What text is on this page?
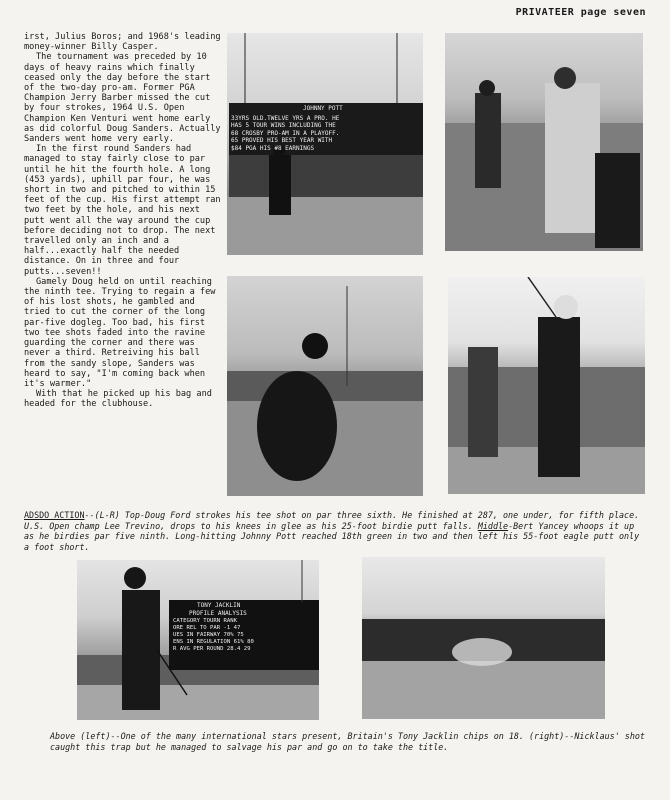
PRIVATEER page seven

irst, Julius Boros; and 1968's leading money-winner Billy Casper.

The tournament was preceded by 10 days of heavy rains which finally ceased only the day before the start of the two-day pro-am. Former PGA Champion Jerry Barber missed the cut by four strokes, 1964 U.S. Open Champion Ken Venturi went home early as did colorful Doug Sanders. Actually Sanders went home very early.

In the first round Sanders had managed to stay fairly close to par until he hit the fourth hole. A long (453 yards), uphill par four, he was short in two and pitched to within 15 feet of the cup. His first attempt ran two feet by the hole, and his next putt went all the way around the cup before deciding not to drop. The next travelled only an inch and a half...exactly half the needed distance. On in three and four putts...seven!!

Gamely Doug held on until reaching the ninth tee. Trying to regain a few of his lost shots, he gambled and tried to cut the corner of the long par-five dogleg. Too bad, his first two tee shots faded into the ravine guarding the corner and there was never a third. Retreiving his ball from the sandy slope, Sanders was heard to say, "I'm coming back when it's warmer."

With that he picked up his bag and headed for the clubhouse.

JOHNNY POTT
33YRS OLD.TWELVE YRS A PRO. HE
HAS 5 TOUR WINS INCLUDING THE
68 CROSBY PRO-AM IN A PLAYOFF.
65 PROVED HIS BEST YEAR WITH
$84 PGA HIS #8 EARNINGS
ADSDO ACTION--(L-R) Top-Doug Ford strokes his tee shot on par three sixth. He finished at 287, one under, for fifth place. U.S. Open champ Lee Trevino, drops to his knees in glee as his 25-foot birdie putt falls. Middle-Bert Yancey whoops it up as he birdies par five ninth. Long-hitting Johnny Pott reached 18th green in two and then left his 55-foot eagle putt only a foot short.
TONY JACKLIN
PROFILE ANALYSIS
CATEGORY TOURN RANK
ORE REL TO PAR -1 47
UES IN FAIRWAY 70% 75
ENS IN REGULATION 61% 80
R AVG PER ROUND 28.4 29
Above (left)--One of the many international stars present, Britain's Tony Jacklin chips on 18. (right)--Nicklaus' shot caught this trap but he managed to salvage his par and go on to take the title.
